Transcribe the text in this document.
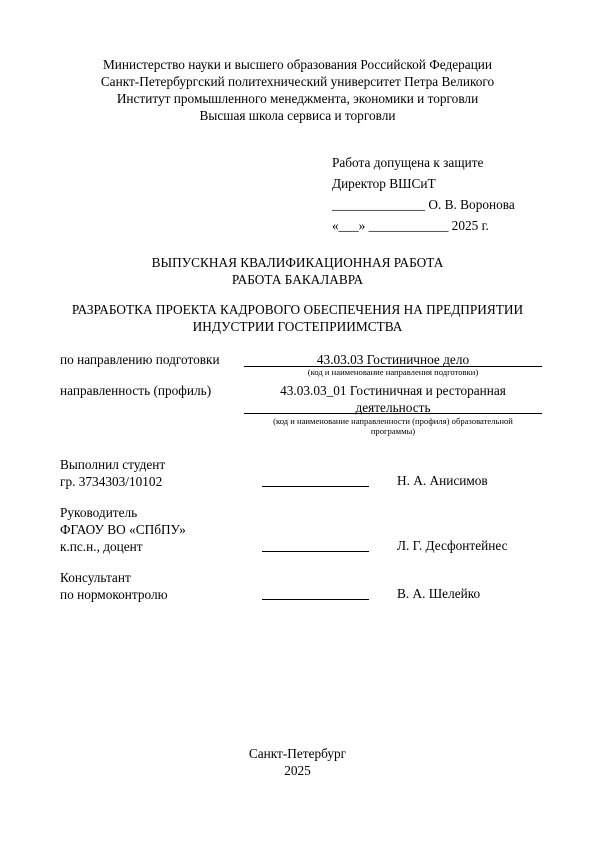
Министерство науки и высшего образования Российской Федерации
Санкт-Петербургский политехнический университет Петра Великого
Институт промышленного менеджмента, экономики и торговли
Высшая школа сервиса и торговли
Работа допущена к защите
Директор ВШСиТ
______________ О. В. Воронова
«___» ____________ 2025 г.
ВЫПУСКНАЯ КВАЛИФИКАЦИОННАЯ РАБОТА
РАБОТА БАКАЛАВРА
РАЗРАБОТКА ПРОЕКТА КАДРОВОГО ОБЕСПЕЧЕНИЯ НА ПРЕДПРИЯТИИ
ИНДУСТРИИ ГОСТЕПРИИМСТВА
по направлению подготовки	43.03.03 Гостиничное дело
(код и наименование направления подготовки)
направленность (профиль)	43.03.03_01 Гостиничная и ресторанная
деятельность
(код и наименование направленности (профиля) образовательной
программы)
Выполнил студент
гр. 3734303/10102	Н. А. Анисимов
Руководитель
ФГАОУ ВО «СПбПУ»
к.пс.н., доцент	Л. Г. Десфонтейнес
Консультант
по нормоконтролю	В. А. Шелейко
Санкт-Петербург
2025
